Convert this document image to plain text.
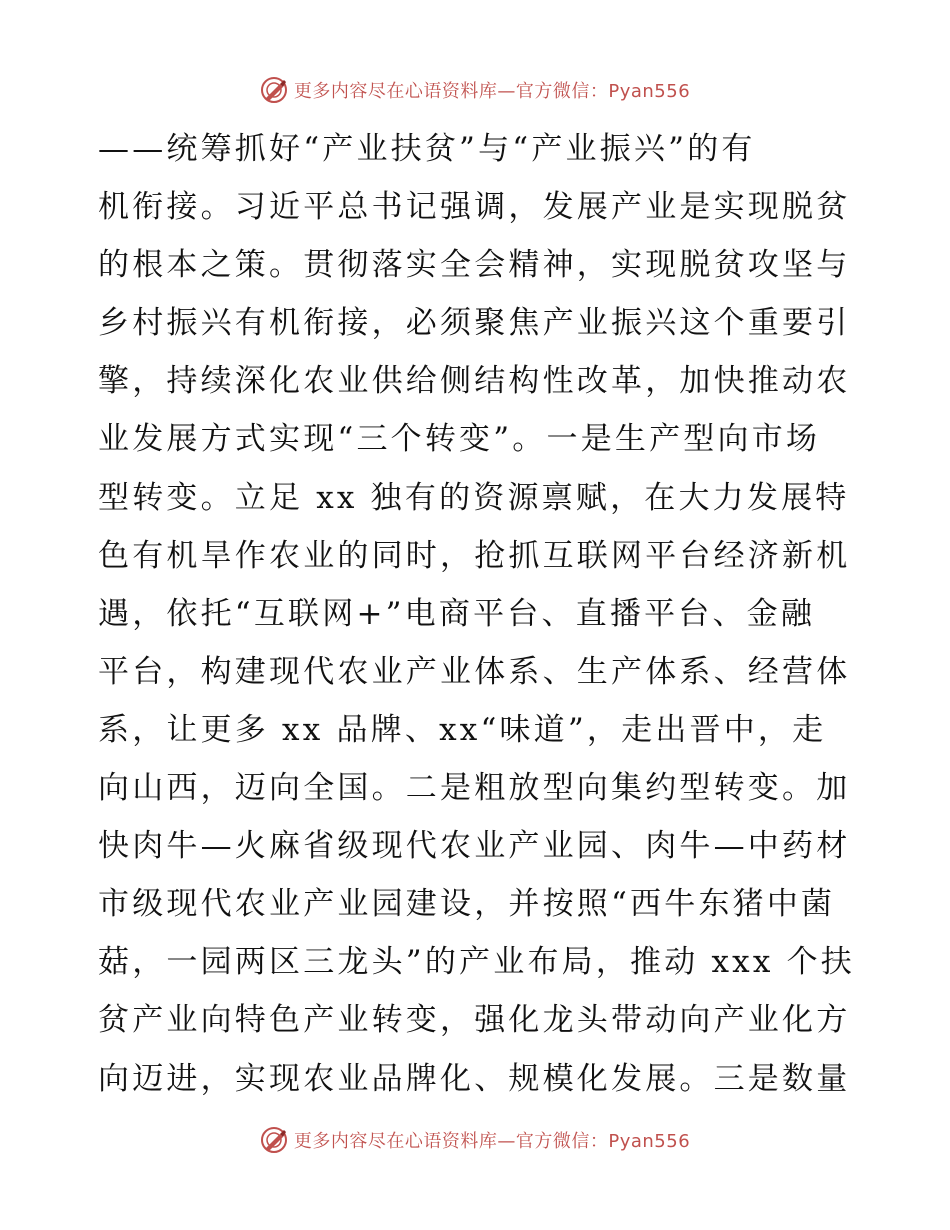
更多内容尽在心语资料库—官方微信：Pyan556
——统筹抓好“产业扶贫”与“产业振兴”的有
机衔接。习近平总书记强调，发展产业是实现脱贫
的根本之策。贯彻落实全会精神，实现脱贫攻坚与
乡村振兴有机衔接，必须聚焦产业振兴这个重要引
擎，持续深化农业供给侧结构性改革，加快推动农
业发展方式实现“三个转变”。一是生产型向市场
型转变。立足 xx 独有的资源禀赋，在大力发展特
色有机旱作农业的同时，抢抓互联网平台经济新机
遇，依托“互联网+”电商平台、直播平台、金融
平台，构建现代农业产业体系、生产体系、经营体
系，让更多 xx 品牌、xx“味道”，走出晋中，走
向山西，迈向全国。二是粗放型向集约型转变。加
快肉牛—火麻省级现代农业产业园、肉牛—中药材
市级现代农业产业园建设，并按照“西牛东猪中菌
菇，一园两区三龙头”的产业布局，推动 xxx 个扶
贫产业向特色产业转变，强化龙头带动向产业化方
向迈进，实现农业品牌化、规模化发展。三是数量
更多内容尽在心语资料库—官方微信：Pyan556
